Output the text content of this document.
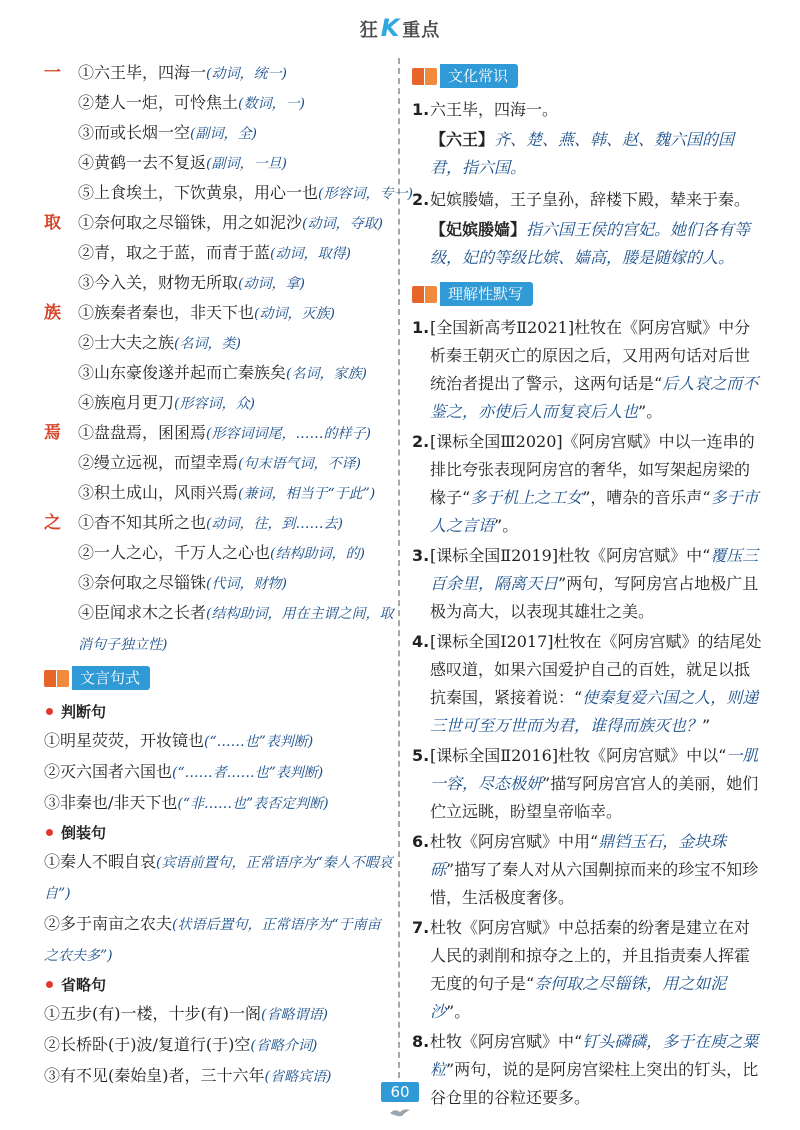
狂K 重点
一 ①六王毕，四海一(动词，统一)
②楚人一炬，可怜焦土(数词，一)
③而或长烟一空(副词，全)
④黄鹤一去不复返(副词，一旦)
⑤上食埃土，下饮黄泉，用心一也(形容词，专一)
取 ①奈何取之尽锱铢，用之如泥沙(动词，夺取)
②青，取之于蓝，而青于蓝(动词，取得)
③今入关，财物无所取(动词，拿)
族 ①族秦者秦也，非天下也(动词，灭族)
②士大夫之族(名词，类)
③山东豪俊遂并起而亡秦族矣(名词，家族)
④族庖月更刀(形容词，众)
焉 ①盘盘焉，囷囷焉(形容词词尾，……的样子)
②缦立远视，而望幸焉(句末语气词，不译)
③积土成山，风雨兴焉(兼词，相当于“于此”)
之 ①杳不知其所之也(动词，往，到……去)
②一人之心，千万人之心也(结构助词，的)
③奈何取之尽锱铢(代词，财物)
④臣闻求木之长者(结构助词，用在主谓之间，取消句子独立性)
文言句式
判断句
①明星荧荧，开妆镜也(“……也”表判断)
②灭六国者六国也(“……者……也”表判断)
③非秦也/非天下也(“非……也”表否定判断)
倒装句
①秦人不暇自哀(宾语前置句，正常语序为“秦人不暇哀自”)
②多于南亩之农夫(状语后置句，正常语序为“于南亩之农夫多”)
省略句
①五步(有)一楼，十步(有)一阁(省略谓语)
②长桥卧(于)波/复道行(于)空(省略介词)
③有不见(秦始皇)者，三十六年(省略宾语)
文化常识
1. 六王毕，四海一。
【六王】齐、楚、燕、韩、赵、魏六国的国君，指六国。
2. 妃嫔媵嫱，王子皇孙，辞楼下殿，辇来于秦。
【妃嫔媵嫱】指六国王侯的宫妃。她们各有等级，妃的等级比嫔、嫱高，媵是随嫁的人。
理解性默写
1. [全国新高考Ⅱ2021]杜牧在《阿房宫赋》中分析秦王朝灭亡的原因之后，又用两句话对后世统治者提出了警示，这两句话是“后人哀之而不鉴之，亦使后人而复哀后人也”。
2. [课标全国Ⅲ2020]《阿房宫赋》中以一连串的排比夸张表现阿房宫的奢华，如写架起房梁的椽子“多于机上之工女”，嘈杂的音乐声“多于市人之言语”。
3. [课标全国Ⅱ2019]杜牧《阿房宫赋》中“覆压三百余里，隔离天日”两句，写阿房宫占地极广且极为高大，以表现其雄壮之美。
4. [课标全国Ⅰ2017]杜牧在《阿房宫赋》的结尾处感叹道，如果六国爱护自己的百姓，就足以抵抗秦国，紧接着说：“使秦复爱六国之人，则递三世可至万世而为君，谁得而族灭也？”
5. [课标全国Ⅱ2016]杜牧《阿房宫赋》中以“一肌一容，尽态极妍”描写阿房宫宫人的美丽，她们伫立远眺，盼望皇帝临幸。
6. 杜牧《阿房宫赋》中用“鼎铛玉石，金块珠砾”描写了秦人对从六国劓掠而来的珍宝不知珍惜，生活极度奢侈。
7. 杜牧《阿房宫赋》中总括秦的纷奢是建立在对人民的剥削和掠夺之上的，并且指责秦人挥霍无度的句子是“奈何取之尽锱铢，用之如泥沙”。
8. 杜牧《阿房宫赋》中“钉头磷磷，多于在庾之粟粒”两句，说的是阿房宫梁柱上突出的钉头，比谷仓里的谷粒还要多。
60
